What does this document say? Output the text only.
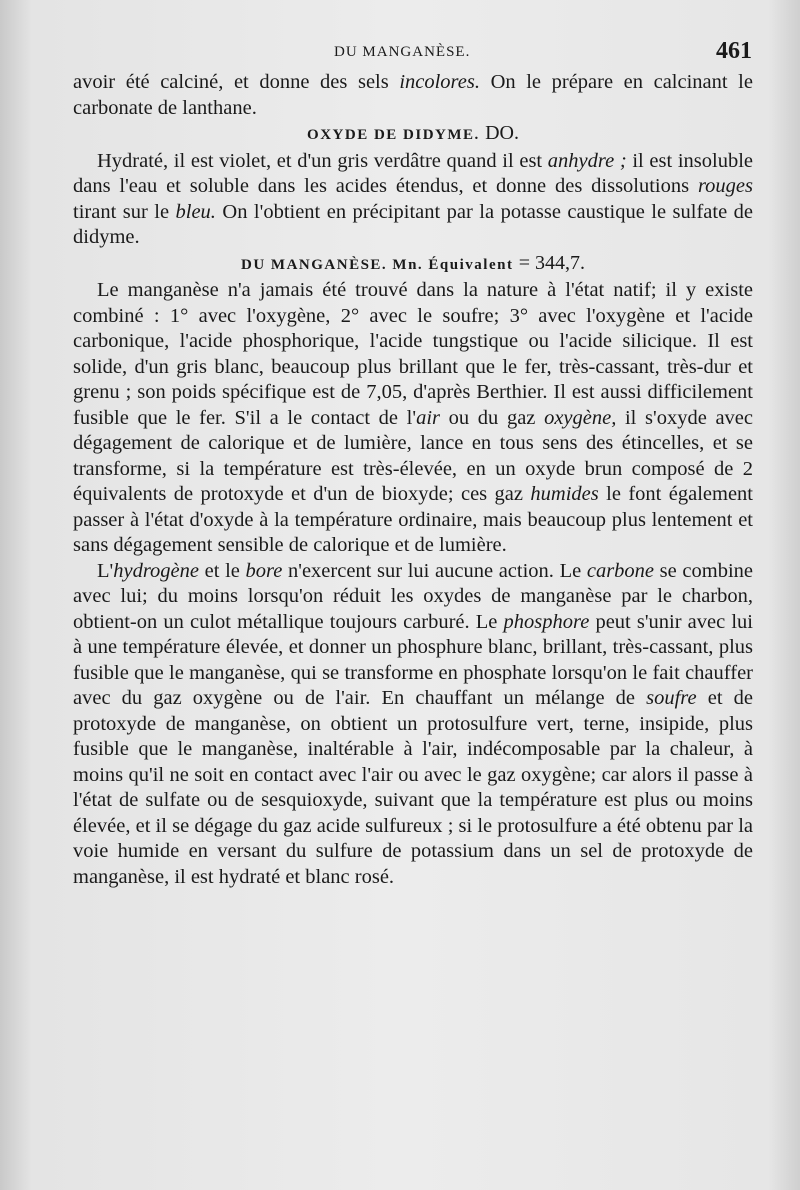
DU MANGANÈSE.	461

avoir été calciné, et donne des sels incolores. On le prépare en calcinant le carbonate de lanthane.

OXYDE DE DIDYME. DO.

Hydraté, il est violet, et d'un gris verdâtre quand il est anhydre ; il est insoluble dans l'eau et soluble dans les acides étendus, et donne des dissolutions rouges tirant sur le bleu. On l'obtient en précipitant par la potasse caustique le sulfate de didyme.

DU MANGANÈSE. Mn. Équivalent = 344,7.

Le manganèse n'a jamais été trouvé dans la nature à l'état natif; il y existe combiné : 1° avec l'oxygène, 2° avec le soufre; 3° avec l'oxygène et l'acide carbonique, l'acide phosphorique, l'acide tungstique ou l'acide silicique. Il est solide, d'un gris blanc, beaucoup plus brillant que le fer, très-cassant, très-dur et grenu ; son poids spécifique est de 7,05, d'après Berthier. Il est aussi difficilement fusible que le fer. S'il a le contact de l'air ou du gaz oxygène, il s'oxyde avec dégagement de calorique et de lumière, lance en tous sens des étincelles, et se transforme, si la température est très-élevée, en un oxyde brun composé de 2 équivalents de protoxyde et d'un de bioxyde; ces gaz humides le font également passer à l'état d'oxyde à la température ordinaire, mais beaucoup plus lentement et sans dégagement sensible de calorique et de lumière.

L'hydrogène et le bore n'exercent sur lui aucune action. Le carbone se combine avec lui; du moins lorsqu'on réduit les oxydes de manganèse par le charbon, obtient-on un culot métallique toujours carburé. Le phosphore peut s'unir avec lui à une température élevée, et donner un phosphure blanc, brillant, très-cassant, plus fusible que le manganèse, qui se transforme en phosphate lorsqu'on le fait chauffer avec du gaz oxygène ou de l'air. En chauffant un mélange de soufre et de protoxyde de manganèse, on obtient un protosulfure vert, terne, insipide, plus fusible que le manganèse, inaltérable à l'air, indécomposable par la chaleur, à moins qu'il ne soit en contact avec l'air ou avec le gaz oxygène; car alors il passe à l'état de sulfate ou de sesquioxyde, suivant que la température est plus ou moins élevée, et il se dégage du gaz acide sulfureux ; si le protosulfure a été obtenu par la voie humide en versant du sulfure de potassium dans un sel de protoxyde de manganèse, il est hydraté et blanc rosé.
